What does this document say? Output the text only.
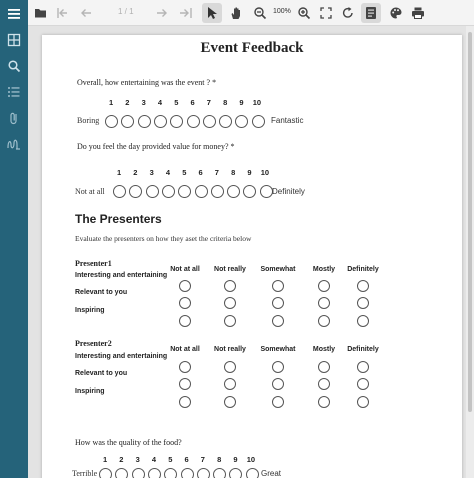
1 / 1	100%
Event Feedback
Overall, how entertaining was the event ? *
1 2 3 4 5 6 7 8 9 10
Boring	Fantastic
Do you feel the day provided value for money? *
1 2 3 4 5 6 7 8 9 10
Not at all	Definitely
The Presenters
Evaluate the presenters on how they aset the criteria below
Presenter1
Not at all	Not really	Somewhat	Mostly	Definitely
Interesting and entertaining
Relevant to you
Inspiring
Presenter2
Not at all	Not really	Somewhat	Mostly	Definitely
Interesting and entertaining
Relevant to you
Inspiring
How was the quality of the food?
1 2 3 4 5 6 7 8 9 10
Terrible	Great
